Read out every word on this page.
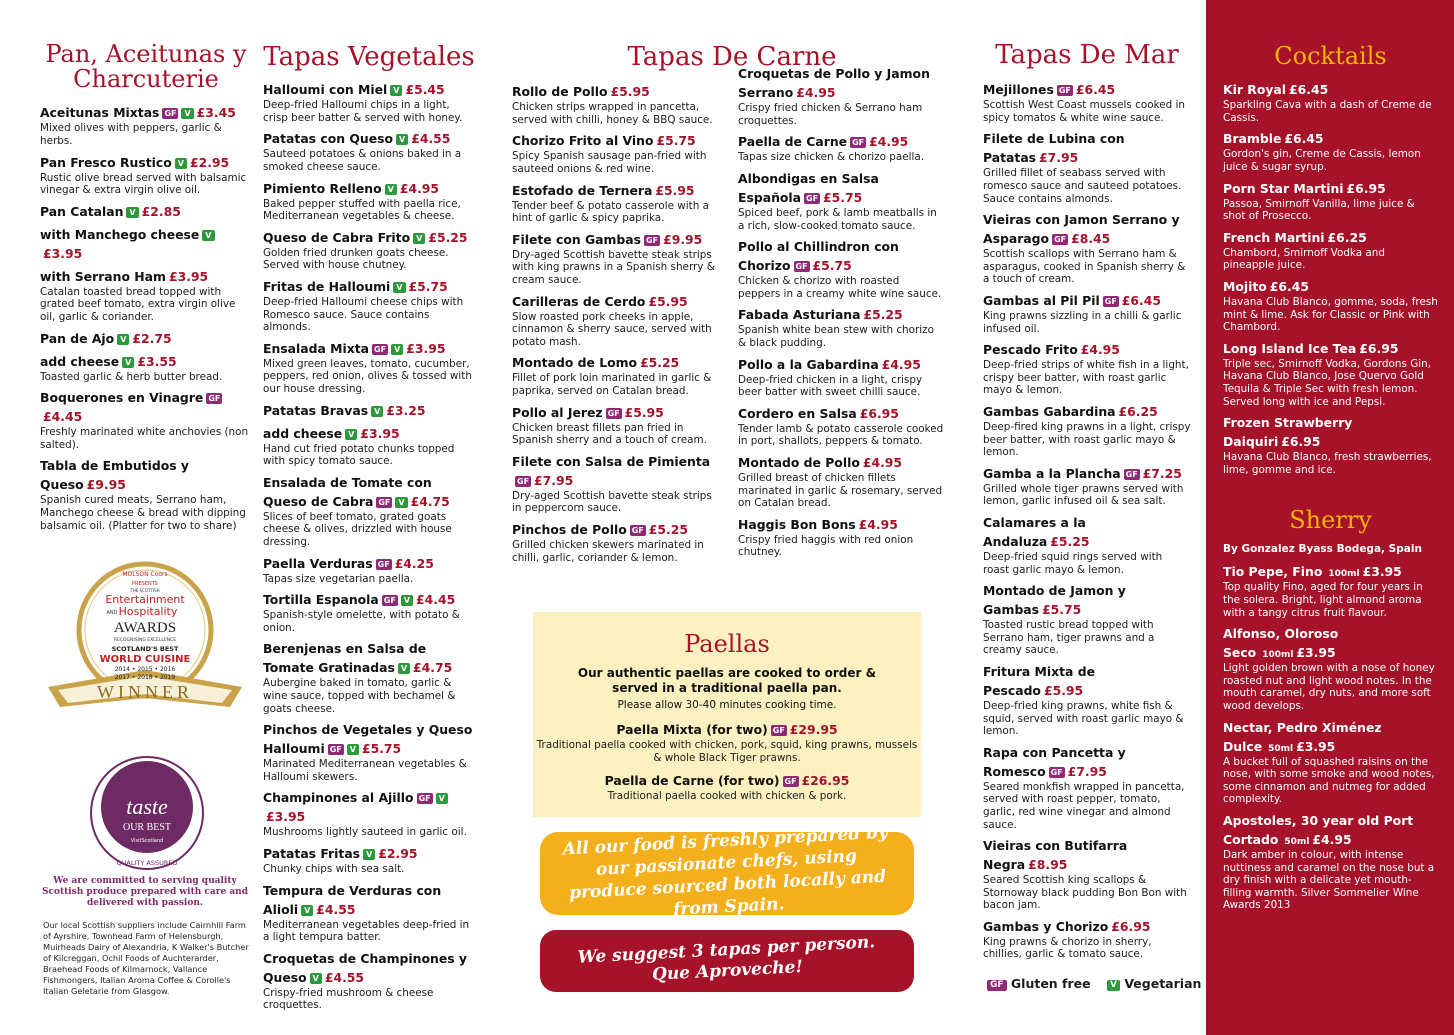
Pan, Aceitunas y Charcuterie
Aceitunas Mixtas GF V £3.45
Mixed olives with peppers, garlic & herbs.
Pan Fresco Rustico V £2.95
Rustic olive bread served with balsamic vinegar & extra virgin olive oil.
Pan Catalan V £2.85
with Manchego cheese V£3.95
with Serrano Ham £3.95
Catalan toasted bread topped with grated beef tomato, extra virgin olive oil, garlic & coriander.
Pan de Ajo V £2.75
add cheese V £3.55
Toasted garlic & herb butter bread.
Boquerones en Vinagre GF£4.45
Freshly marinated white anchovies (non salted).
Tabla de Embutidos y Queso £9.95
Spanish cured meats, Serrano ham, Manchego cheese & bread with dipping balsamic oil. (Platter for two to share)
Tapas Vegetales
Halloumi con Miel V £5.45
Deep-fried Halloumi chips in a light, crisp beer batter & served with honey.
Patatas con Queso V £4.55
Sauteed potatoes & onions baked in a smoked cheese sauce.
Pimiento Relleno V £4.95
Baked pepper stuffed with paella rice, Mediterranean vegetables & cheese.
Queso de Cabra Frito V £5.25
Golden fried drunken goats cheese. Served with house chutney.
Fritas de Halloumi V £5.75
Deep-fried Halloumi cheese chips with Romesco sauce. Sauce contains almonds.
Ensalada Mixta GF V £3.95
Mixed green leaves, tomato, cucumber, peppers, red onion, olives & tossed with our house dressing.
Patatas Bravas V £3.25
add cheese V £3.95
Hand cut fried potato chunks topped with spicy tomato sauce.
Ensalada de Tomate con Queso de Cabra GF V £4.75
Slices of beef tomato, grated goats cheese & olives, drizzled with house dressing.
Paella Verduras GF £4.25
Tapas size vegetarian paella.
Tortilla Espanola GF V £4.45
Spanish-style omelette, with potato & onion.
Berenjenas en Salsa de Tomate Gratinadas V £4.75
Aubergine baked in tomato, garlic & wine sauce, topped with bechamel & goats cheese.
Pinchos de Vegetales y Queso Halloumi GF V £5.75
Marinated Mediterranean vegetables & Halloumi skewers.
Champinones al Ajillo GF V£3.95
Mushrooms lightly sauteed in garlic oil.
Patatas Fritas V £2.95
Chunky chips with sea salt.
Tempura de Verduras con Alioli V £4.55
Mediterranean vegetables deep-fried in a light tempura batter.
Croquetas de Champinones y Queso V £4.55
Crispy-fried mushroom & cheese croquettes.
Tapas De Carne
Rollo de Pollo £5.95
Chicken strips wrapped in pancetta, served with chilli, honey & BBQ sauce.
Chorizo Frito al Vino £5.75
Spicy Spanish sausage pan-fried with sauteed onions & red wine.
Estofado de Ternera £5.95
Tender beef & potato casserole with a hint of garlic & spicy paprika.
Filete con Gambas GF £9.95
Dry-aged Scottish bavette steak strips with king prawns in a Spanish sherry & cream sauce.
Carilleras de Cerdo £5.95
Slow roasted pork cheeks in apple, cinnamon & sherry sauce, served with potato mash.
Montado de Lomo £5.25
Fillet of pork loin marinated in garlic & paprika, served on Catalan bread.
Pollo al Jerez GF £5.95
Chicken breast fillets pan fried in Spanish sherry and a touch of cream.
Filete con Salsa de PimientaGF £7.95
Dry-aged Scottish bavette steak strips in peppercorn sauce.
Pinchos de Pollo GF £5.25
Grilled chicken skewers marinated in chilli, garlic, coriander & lemon.
Croquetas de Pollo y Jamon Serrano £4.95
Crispy fried chicken & Serrano ham croquettes.
Paella de Carne GF £4.95
Tapas size chicken & chorizo paella.
Albondigas en Salsa Española GF £5.75
Spiced beef, pork & lamb meatballs in a rich, slow-cooked tomato sauce.
Pollo al Chillindron con Chorizo GF £5.75
Chicken & chorizo with roasted peppers in a creamy white wine sauce.
Fabada Asturiana £5.25
Spanish white bean stew with chorizo & black pudding.
Pollo a la Gabardina £4.95
Deep-fried chicken in a light, crispy beer batter with sweet chilli sauce.
Cordero en Salsa £6.95
Tender lamb & potato casserole cooked in port, shallots, peppers & tomato.
Montado de Pollo £4.95
Grilled breast of chicken fillets marinated in garlic & rosemary, served on Catalan bread.
Haggis Bon Bons £4.95
Crispy fried haggis with red onion chutney.
Paellas
Our authentic paellas are cooked to order & served in a traditional paella pan.
Please allow 30-40 minutes cooking time.
Paella Mixta (for two) GF £29.95
Traditional paella cooked with chicken, pork, squid, king prawns, mussels & whole Black Tiger prawns.
Paella de Carne (for two) GF £26.95
Traditional paella cooked with chicken & pork.
All our food is freshly prepared by our passionate chefs, using produce sourced both locally and from Spain.
We suggest 3 tapas per person. Que Aproveche!
Tapas De Mar
Mejillones GF £6.45
Scottish West Coast mussels cooked in spicy tomatos & white wine sauce.
Filete de Lubina con Patatas £7.95
Grilled fillet of seabass served with romesco sauce and sauteed potatoes. Sauce contains almonds.
Vieiras con Jamon Serrano y Asparago GF £8.45
Scottish scallops with Serrano ham & asparagus, cooked in Spanish sherry & a touch of cream.
Gambas al Pil Pil GF £6.45
King prawns sizzling in a chilli & garlic infused oil.
Pescado Frito £4.95
Deep-fried strips of white fish in a light, crispy beer batter, with roast garlic mayo & lemon.
Gambas Gabardina £6.25
Deep-fired king prawns in a light, crispy beer batter, with roast garlic mayo & lemon.
Gamba a la Plancha GF £7.25
Grilled whole tiger prawns served with lemon, garlic infused oil & sea salt.
Calamares a la Andaluza £5.25
Deep-fried squid rings served with roast garlic mayo & lemon.
Montado de Jamon y Gambas £5.75
Toasted rustic bread topped with Serrano ham, tiger prawns and a creamy sauce.
Fritura Mixta de Pescado £5.95
Deep-fried king prawns, white fish & squid, served with roast garlic mayo & lemon.
Rapa con Pancetta y Romesco GF £7.95
Seared monkfish wrapped in pancetta, served with roast pepper, tomato, garlic, red wine vinegar and almond sauce.
Vieiras con Butifarra Negra £8.95
Seared Scottish king scallops & Stornoway black pudding Bon Bon with bacon jam.
Gambas y Chorizo £6.95
King prawns & chorizo in sherry, chillies, garlic & tomato sauce.
GF Gluten free V Vegetarian
Cocktails
Kir Royal £6.45
Sparkling Cava with a dash of Creme de Cassis.
Bramble £6.45
Gordon's gin, Creme de Cassis, lemon juice & sugar syrup.
Porn Star Martini £6.95
Passoa, Smirnoff Vanilla, lime juice & shot of Prosecco.
French Martini £6.25
Chambord, Smirnoff Vodka and pineapple juice.
Mojito £6.45
Havana Club Blanco, gomme, soda, fresh mint & lime. Ask for Classic or Pink with Chambord.
Long Island Ice Tea £6.95
Triple sec, Smirnoff Vodka, Gordons Gin, Havana Club Blanco, Jose Quervo Gold Tequila & Triple Sec with fresh lemon. Served long with ice and Pepsi.
Frozen Strawberry Daiquiri £6.95
Havana Club Blanco, fresh strawberries, lime, gomme and ice.
Sherry
By Gonzalez Byass Bodega, Spain
Tio Pepe, Fino 100ml £3.95
Top quality Fino, aged for four years in the solera. Bright, light almond aroma with a tangy citrus fruit flavour.
Alfonso, Oloroso Seco 100ml £3.95
Light golden brown with a nose of honey roasted nut and light wood notes. In the mouth caramel, dry nuts, and more soft wood develops.
Nectar, Pedro Ximénez Dulce 50ml £3.95
A bucket full of squashed raisins on the nose, with some smoke and wood notes, some cinnamon and nutmeg for added complexity.
Apostoles, 30 year old Port Cortado 50ml £4.95
Dark amber in colour, with intense nuttiness and caramel on the nose but a dry finish with a delicate yet mouth-filling warmth. Silver Sommelier Wine Awards 2013
MOLSON Coors
PRESENTS
THE SCOTTISH
Entertainment
AND Hospitality
AWARDS
RECOGNISING EXCELLENCE
SCOTLAND'S BEST
WORLD CUISINE
2014 • 2015 • 2016
2017 • 2018 • 2019
WINNER
taste
OUR BEST
VisitScotland
QUALITY ASSURED

We are committed to serving quality Scottish produce prepared with care and delivered with passion.

Our local Scottish suppliers include Cairnhill Farm of Ayrshire, Townhead Farm of Helensburgh, Muirheads Dairy of Alexandria, K Walker's Butcher of Kilcreggan, Ochil Foods of Auchterarder, Braehead Foods of Kilmarnock, Vallance Fishmongers, Italian Aroma Coffee & Corolle's Italian Geletarie from Glasgow.
